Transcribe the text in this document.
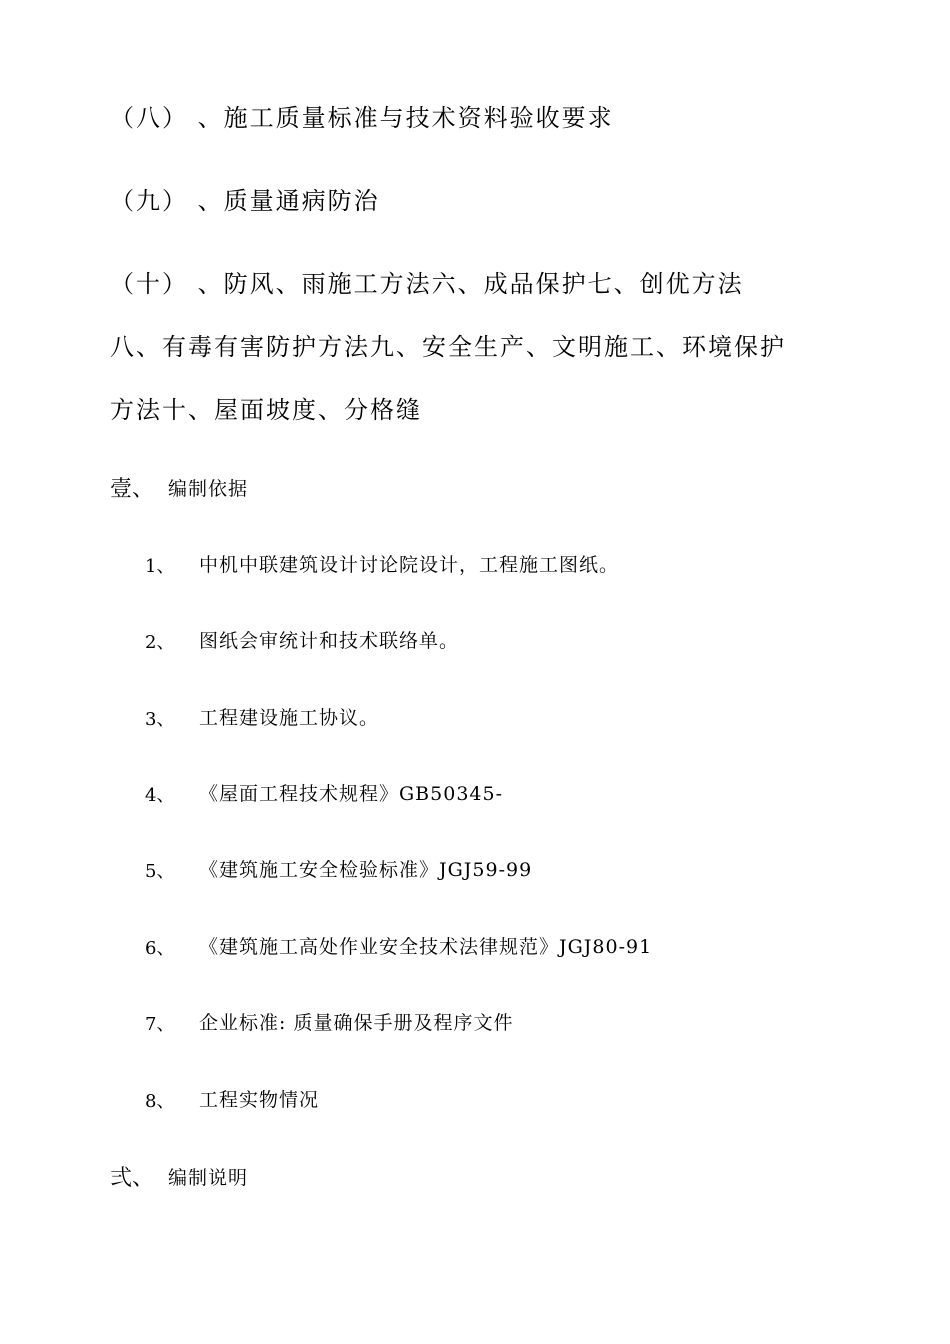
（八） 、施工质量标准与技术资料验收要求
（九） 、质量通病防治
（十） 、防风、雨施工方法六、成品保护七、创优方法
八、有毒有害防护方法九、安全生产、文明施工、环境保护
方法十、屋面坡度、分格缝
壹、 编制依据
1、 中机中联建筑设计讨论院设计，工程施工图纸。
2、 图纸会审统计和技术联络单。
3、 工程建设施工协议。
4、 《屋面工程技术规程》GB50345-
5、 《建筑施工安全检验标准》JGJ59-99
6、 《建筑施工高处作业安全技术法律规范》JGJ80-91
7、 企业标准: 质量确保手册及程序文件
8、 工程实物情况
弍、 编制说明
